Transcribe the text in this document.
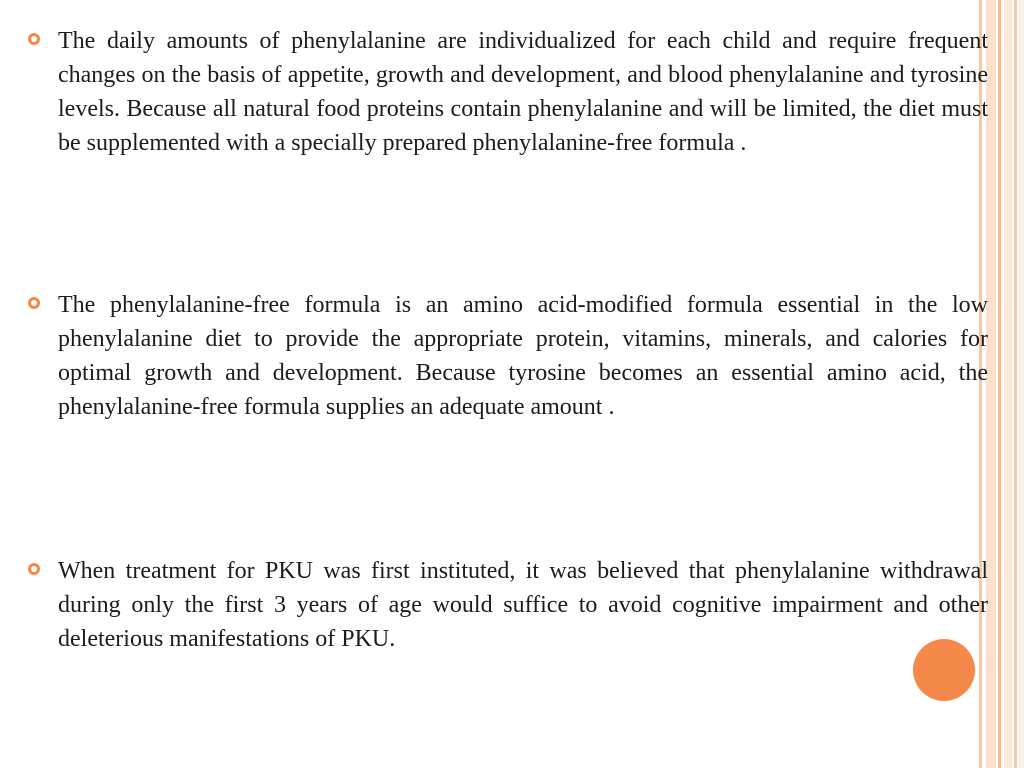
The daily amounts of phenylalanine are individualized for each child and require frequent changes on the basis of appetite, growth and development, and blood phenylalanine and tyrosine levels. Because all natural food proteins contain phenylalanine and will be limited, the diet must be supplemented with a specially prepared phenylalanine-free formula .

The phenylalanine-free formula is an amino acid-modified formula essential in the low phenylalanine diet to provide the appropriate protein, vitamins, minerals, and calories for optimal growth and development. Because tyrosine becomes an essential amino acid, the phenylalanine-free formula supplies an adequate amount .

When treatment for PKU was first instituted, it was believed that phenylalanine withdrawal during only the first 3 years of age would suffice to avoid cognitive impairment and other deleterious manifestations of PKU.
